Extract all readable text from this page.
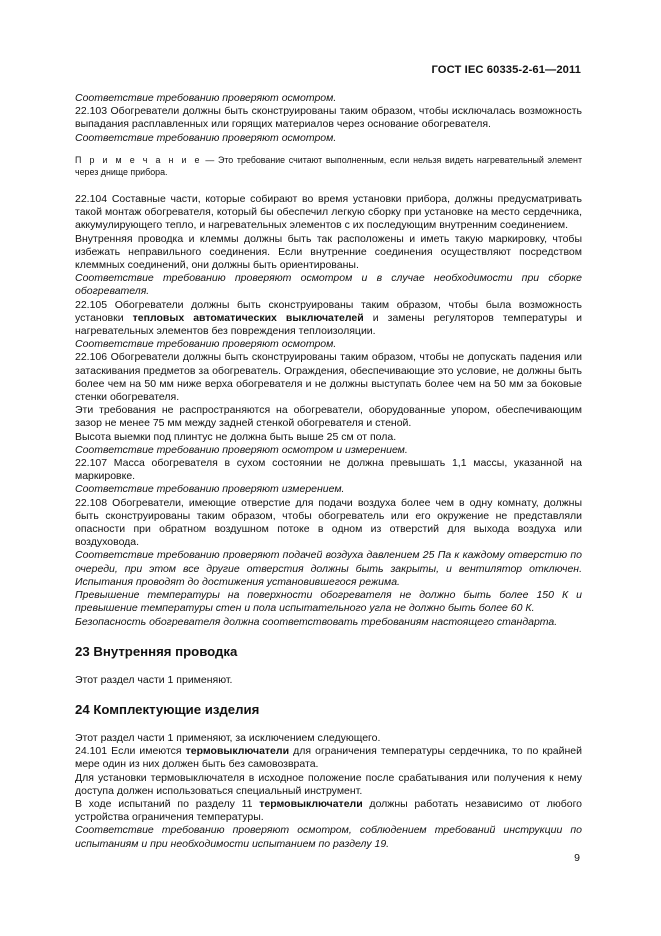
ГОСТ IEC 60335-2-61—2011

Соответствие требованию проверяют осмотром.

22.103 Обогреватели должны быть сконструированы таким образом, чтобы исключалась возможность выпадания расплавленных или горящих материалов через основание обогревателя.

Соответствие требованию проверяют осмотром.

П р и м е ч а н и е — Это требование считают выполненным, если нельзя видеть нагревательный элемент через днище прибора.

22.104 Составные части, которые собирают во время установки прибора, должны предусматривать такой монтаж обогревателя, который бы обеспечил легкую сборку при установке на место сердечника, аккумулирующего тепло, и нагревательных элементов с их последующим внутренним соединением.

Внутренняя проводка и клеммы должны быть так расположены и иметь такую маркировку, чтобы избежать неправильного соединения. Если внутренние соединения осуществляют посредством клеммных соединений, они должны быть ориентированы.

Соответствие требованию проверяют осмотром и в случае необходимости при сборке обогревателя.

22.105 Обогреватели должны быть сконструированы таким образом, чтобы была возможность установки тепловых автоматических выключателей и замены регуляторов температуры и нагревательных элементов без повреждения теплоизоляции.

Соответствие требованию проверяют осмотром.

22.106 Обогреватели должны быть сконструированы таким образом, чтобы не допускать падения или затаскивания предметов за обогреватель. Ограждения, обеспечивающие это условие, не должны быть более чем на 50 мм ниже верха обогревателя и не должны выступать более чем на 50 мм за боковые стенки обогревателя.

Эти требования не распространяются на обогреватели, оборудованные упором, обеспечивающим зазор не менее 75 мм между задней стенкой обогревателя и стеной.

Высота выемки под плинтус не должна быть выше 25 см от пола.

Соответствие требованию проверяют осмотром и измерением.

22.107 Масса обогревателя в сухом состоянии не должна превышать 1,1 массы, указанной на маркировке.

Соответствие требованию проверяют измерением.

22.108 Обогреватели, имеющие отверстие для подачи воздуха более чем в одну комнату, должны быть сконструированы таким образом, чтобы обогреватель или его окружение не представляли опасности при обратном воздушном потоке в одном из отверстий для выхода воздуха или воздуховода.

Соответствие требованию проверяют подачей воздуха давлением 25 Па к каждому отверстию по очереди, при этом все другие отверстия должны быть закрыты, и вентилятор отключен. Испытания проводят до достижения установившегося режима.

Превышение температуры на поверхности обогревателя не должно быть более 150 К и превышение температуры стен и пола испытательного угла не должно быть более 60 К.

Безопасность обогревателя должна соответствовать требованиям настоящего стандарта.

23 Внутренняя проводка

Этот раздел части 1 применяют.

24 Комплектующие изделия

Этот раздел части 1 применяют, за исключением следующего.

24.101 Если имеются термовыключатели для ограничения температуры сердечника, то по крайней мере один из них должен быть без самовозврата.

Для установки термовыключателя в исходное положение после срабатывания или получения к нему доступа должен использоваться специальный инструмент.

В ходе испытаний по разделу 11 термовыключатели должны работать независимо от любого устройства ограничения температуры.

Соответствие требованию проверяют осмотром, соблюдением требований инструкции по испытаниям и при необходимости испытанием по разделу 19.

9
